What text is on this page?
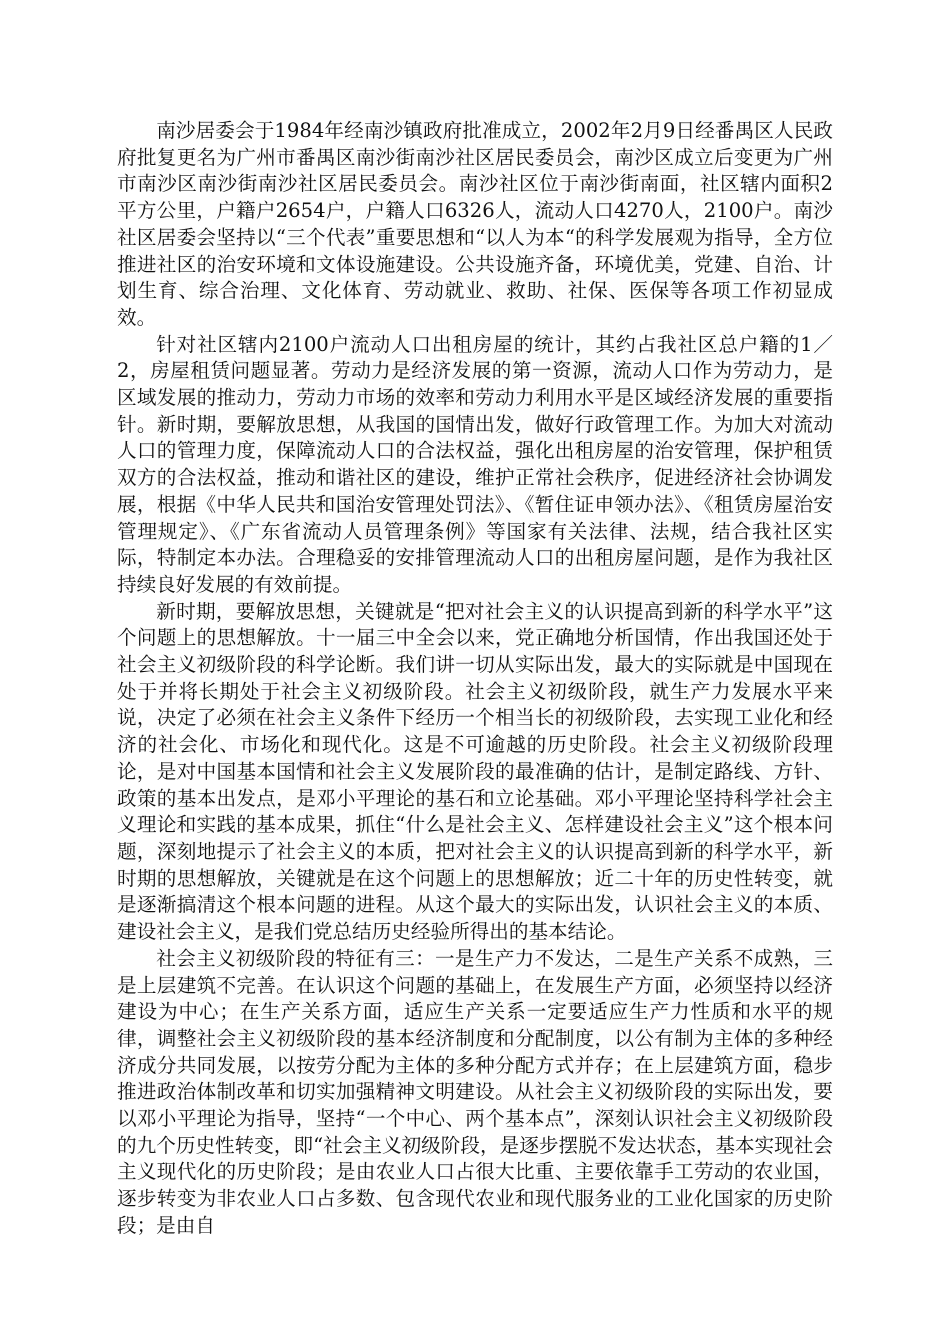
南沙居委会于1984年经南沙镇政府批准成立，2002年2月9日经番禺区人民政府批复更名为广州市番禺区南沙街南沙社区居民委员会，南沙区成立后变更为广州市南沙区南沙街南沙社区居民委员会。南沙社区位于南沙街南面，社区辖内面积2平方公里，户籍户2654户，户籍人口6326人，流动人口4270人，2100户。南沙社区居委会坚持以“三个代表”重要思想和“以人为本“的科学发展观为指导，全方位推进社区的治安环境和文体设施建设。公共设施齐备，环境优美，党建、自治、计划生育、综合治理、文化体育、劳动就业、救助、社保、医保等各项工作初显成效。

针对社区辖内2100户流动人口出租房屋的统计，其约占我社区总户籍的1／2，房屋租赁问题显著。劳动力是经济发展的第一资源，流动人口作为劳动力，是区域发展的推动力，劳动力市场的效率和劳动力利用水平是区域经济发展的重要指针。新时期，要解放思想，从我国的国情出发，做好行政管理工作。为加大对流动人口的管理力度，保障流动人口的合法权益，强化出租房屋的治安管理，保护租赁双方的合法权益，推动和谐社区的建设，维护正常社会秩序，促进经济社会协调发展，根据《中华人民共和国治安管理处罚法》、《暂住证申领办法》、《租赁房屋治安管理规定》、《广东省流动人员管理条例》等国家有关法律、法规，结合我社区实际，特制定本办法。合理稳妥的安排管理流动人口的出租房屋问题，是作为我社区持续良好发展的有效前提。

新时期，要解放思想，关键就是“把对社会主义的认识提高到新的科学水平”这个问题上的思想解放。十一届三中全会以来，党正确地分析国情，作出我国还处于社会主义初级阶段的科学论断。我们讲一切从实际出发，最大的实际就是中国现在处于并将长期处于社会主义初级阶段。社会主义初级阶段，就生产力发展水平来说，决定了必须在社会主义条件下经历一个相当长的初级阶段，去实现工业化和经济的社会化、市场化和现代化。这是不可逾越的历史阶段。社会主义初级阶段理论，是对中国基本国情和社会主义发展阶段的最准确的估计，是制定路线、方针、政策的基本出发点，是邓小平理论的基石和立论基础。邓小平理论坚持科学社会主义理论和实践的基本成果，抓住“什么是社会主义、怎样建设社会主义”这个根本问题，深刻地提示了社会主义的本质，把对社会主义的认识提高到新的科学水平，新时期的思想解放，关键就是在这个问题上的思想解放；近二十年的历史性转变，就是逐渐搞清这个根本问题的进程。从这个最大的实际出发，认识社会主义的本质、建设社会主义，是我们党总结历史经验所得出的基本结论。

社会主义初级阶段的特征有三：一是生产力不发达，二是生产关系不成熟，三是上层建筑不完善。在认识这个问题的基础上，在发展生产方面，必须坚持以经济建设为中心；在生产关系方面，适应生产关系一定要适应生产力性质和水平的规律，调整社会主义初级阶段的基本经济制度和分配制度，以公有制为主体的多种经济成分共同发展，以按劳分配为主体的多种分配方式并存；在上层建筑方面，稳步推进政治体制改革和切实加强精神文明建设。从社会主义初级阶段的实际出发，要以邓小平理论为指导，坚持“一个中心、两个基本点”，深刻认识社会主义初级阶段的九个历史性转变，即“社会主义初级阶段，是逐步摆脱不发达状态，基本实现社会主义现代化的历史阶段；是由农业人口占很大比重、主要依靠手工劳动的农业国，逐步转变为非农业人口占多数、包含现代农业和现代服务业的工业化国家的历史阶段；是由自
